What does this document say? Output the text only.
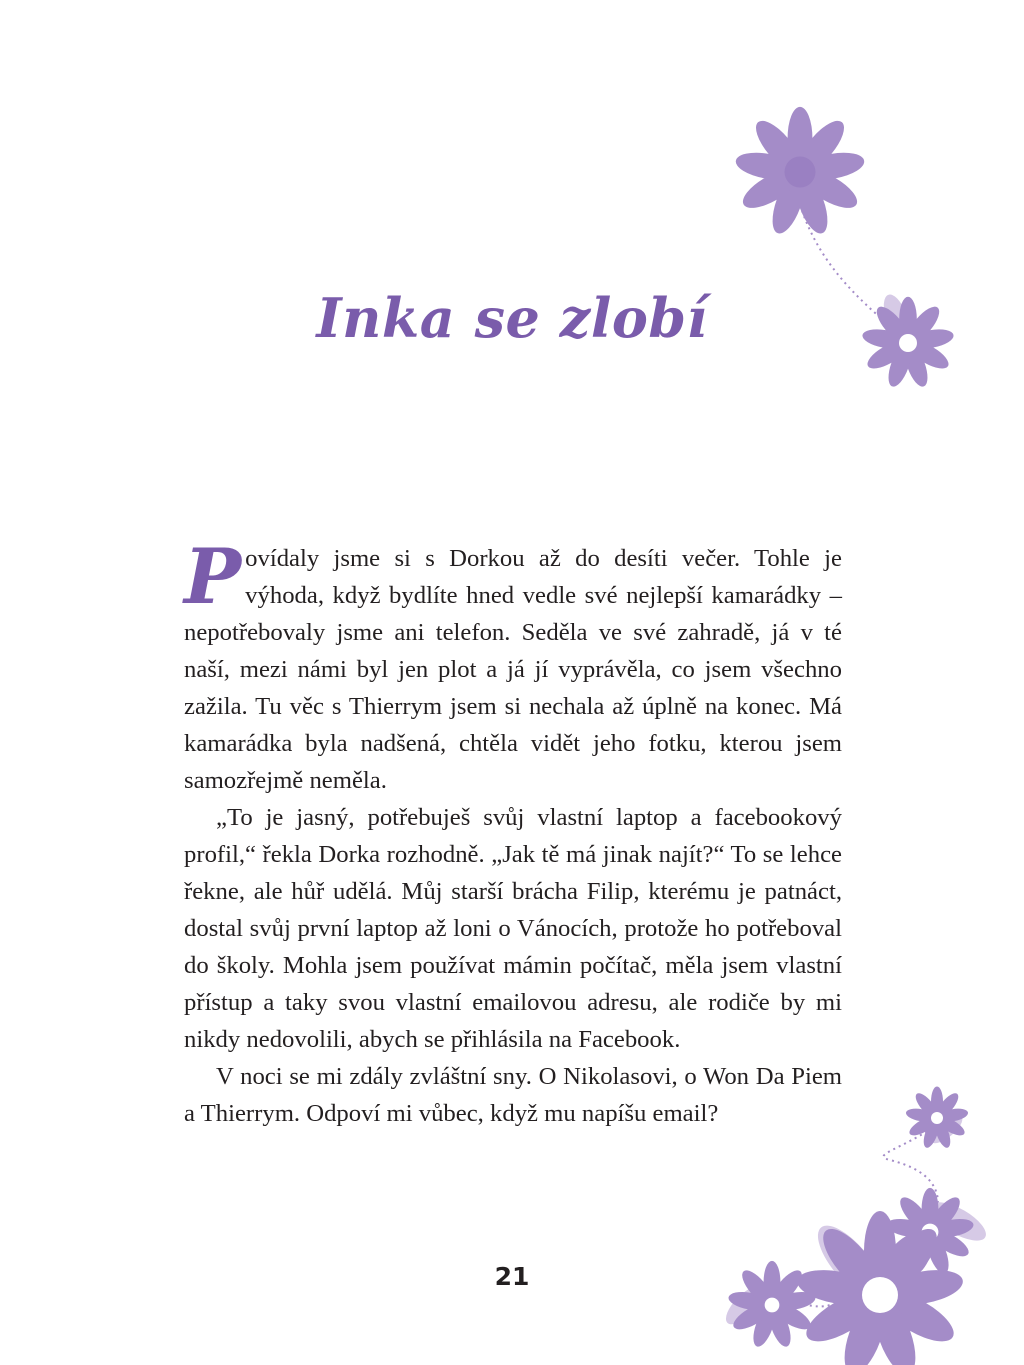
Inka se zlobí

Povídaly jsme si s Dorkou až do desíti večer. Tohle je výhoda, když bydlíte hned vedle své nejlepší kamarádky – nepotřebovaly jsme ani telefon. Seděla ve své zahradě, já v té naší, mezi námi byl jen plot a já jí vyprávěla, co jsem všechno zažila. Tu věc s Thierrym jsem si nechala až úplně na konec. Má kamarádka byla nadšená, chtěla vidět jeho fotku, kterou jsem samozřejmě neměla.

„To je jasný, potřebuješ svůj vlastní laptop a facebookový profil,“ řekla Dorka rozhodně. „Jak tě má jinak najít?“ To se lehce řekne, ale hůř udělá. Můj starší brácha Filip, kterému je patnáct, dostal svůj první laptop až loni o Vánocích, protože ho potřeboval do školy. Mohla jsem používat mámin počítač, měla jsem vlastní přístup a taky svou vlastní emailovou adresu, ale rodiče by mi nikdy nedovolili, abych se přihlásila na Facebook.

V noci se mi zdály zvláštní sny. O Nikolasovi, o Won Da Piem a Thierrym. Odpoví mi vůbec, když mu napíšu email?

21
